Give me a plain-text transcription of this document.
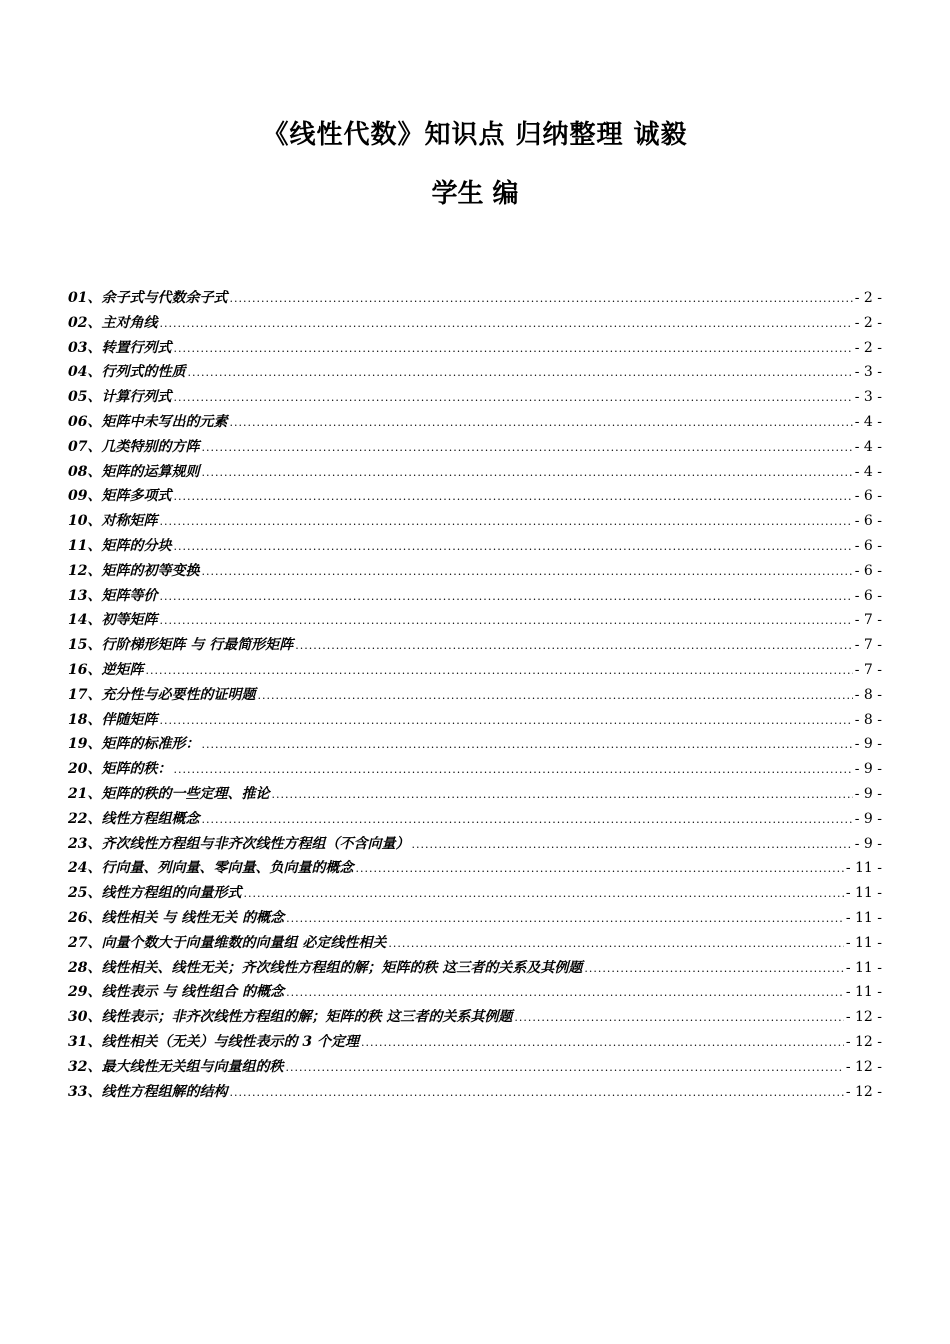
《线性代数》知识点 归纳整理 诚毅
学生 编
01、余子式与代数余子式 .....	- 2 -
02、主对角线 .....	- 2 -
03、转置行列式 .....	- 2 -
04、行列式的性质 .....	- 3 -
05、计算行列式 .....	- 3 -
06、矩阵中未写出的元素 .....	- 4 -
07、几类特别的方阵 .....	- 4 -
08、矩阵的运算规则 .....	- 4 -
09、矩阵多项式 .....	- 6 -
10、对称矩阵 .....	- 6 -
11、矩阵的分块 .....	- 6 -
12、矩阵的初等变换 .....	- 6 -
13、矩阵等价 .....	- 6 -
14、初等矩阵 .....	- 7 -
15、行阶梯形矩阵 与 行最简形矩阵 .....	- 7 -
16、逆矩阵 .....	- 7 -
17、充分性与必要性的证明题 .....	- 8 -
18、伴随矩阵 .....	- 8 -
19、矩阵的标准形： .....	- 9 -
20、矩阵的秩： .....	- 9 -
21、矩阵的秩的一些定理、推论 .....	- 9 -
22、线性方程组概念 .....	- 9 -
23、齐次线性方程组与非齐次线性方程组（不含向量） .....	- 9 -
24、行向量、列向量、零向量、负向量的概念 .....	- 11 -
25、线性方程组的向量形式 .....	- 11 -
26、线性相关 与 线性无关 的概念 .....	- 11 -
27、向量个数大于向量维数的向量组 必定线性相关 .....	- 11 -
28、线性相关、线性无关；齐次线性方程组的解；矩阵的秩 这三者的关系及其例题 .....	- 11 -
29、线性表示 与 线性组合 的概念 .....	- 11 -
30、线性表示；非齐次线性方程组的解；矩阵的秩 这三者的关系其例题 .....	- 12 -
31、线性相关（无关）与线性表示的 3 个定理 .....	- 12 -
32、最大线性无关组与向量组的秩 .....	- 12 -
33、线性方程组解的结构 .....	- 12 -
